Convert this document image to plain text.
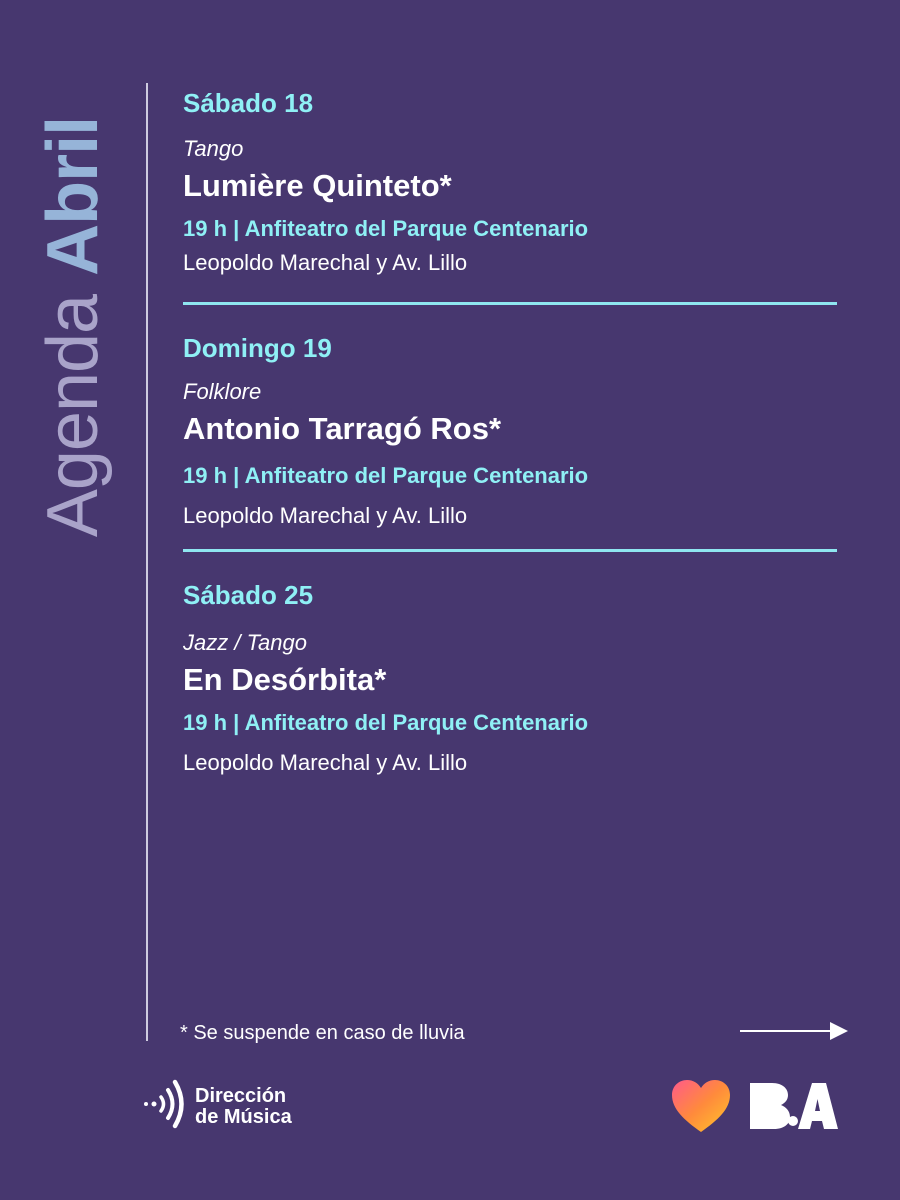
Agenda Abril
Sábado 18
Tango
Lumière Quinteto*
19 h | Anfiteatro del Parque Centenario
Leopoldo Marechal y Av. Lillo
Domingo 19
Folklore
Antonio Tarragó Ros*
19 h | Anfiteatro del Parque Centenario
Leopoldo Marechal y Av. Lillo
Sábado 25
Jazz / Tango
En Desórbita*
19 h | Anfiteatro del Parque Centenario
Leopoldo Marechal y Av. Lillo
* Se suspende en caso de lluvia
Dirección
de Música
